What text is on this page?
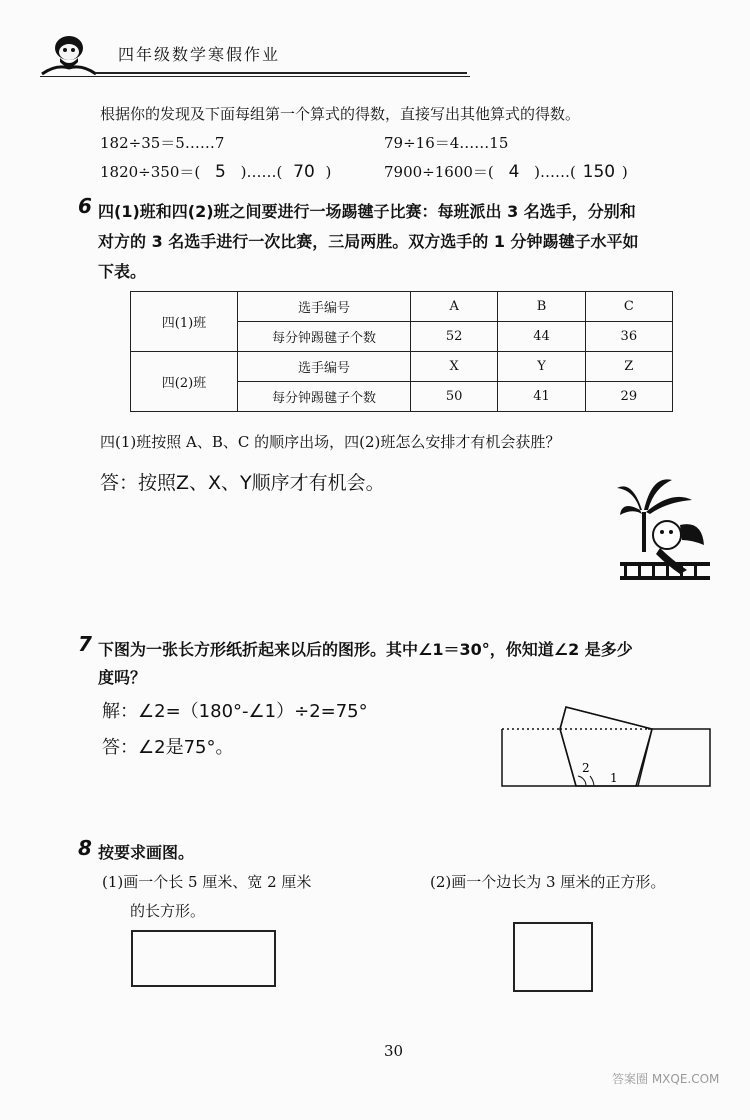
四年级数学寒假作业
根据你的发现及下面每组第一个算式的得数，直接写出其他算式的得数。
182÷35＝5……7	79÷16＝4……15
1820÷350＝( 5 )……( 70 )	7900÷1600＝( 4 )……( 150 )
6 四(1)班和四(2)班之间要进行一场踢毽子比赛：每班派出 3 名选手，分别和
对方的 3 名选手进行一次比赛，三局两胜。双方选手的 1 分钟踢毽子水平如
下表。
四(1)班	选手编号	A	B	C
	每分钟踢毽子个数	52	44	36
四(2)班	选手编号	X	Y	Z
	每分钟踢毽子个数	50	41	29
四(1)班按照 A、B、C 的顺序出场，四(2)班怎么安排才有机会获胜？
答：按照Z、X、Y顺序才有机会。
7 下图为一张长方形纸折起来以后的图形。其中∠1＝30°，你知道∠2 是多少
度吗？
解：∠2=（180°-∠1）÷2=75°
答：∠2是75°。
2
1
8 按要求画图。
(1)画一个长 5 厘米、宽 2 厘米
的长方形。
(2)画一个边长为 3 厘米的正方形。
30
答案圈 MXQE.COM
